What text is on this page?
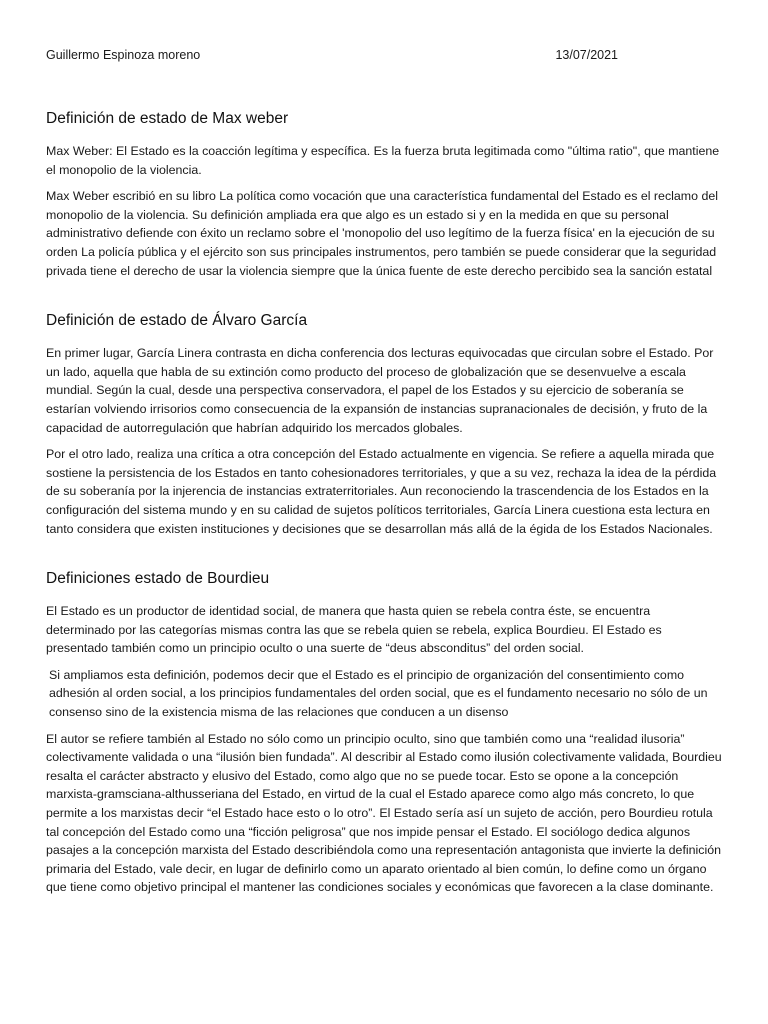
Guillermo Espinoza moreno	13/07/2021
Definición de estado de Max weber

Max Weber: El Estado es la coacción legítima y específica. Es la fuerza bruta legitimada como "última ratio", que mantiene el monopolio de la violencia.

Max Weber escribió en su libro La política como vocación que una característica fundamental del Estado es el reclamo del monopolio de la violencia. Su definición ampliada era que algo es un estado si y en la medida en que su personal administrativo defiende con éxito un reclamo sobre el 'monopolio del uso legítimo de la fuerza física' en la ejecución de su orden La policía pública y el ejército son sus principales instrumentos, pero también se puede considerar que la seguridad privada tiene el derecho de usar la violencia siempre que la única fuente de este derecho percibido sea la sanción estatal

Definición de estado de Álvaro García

En primer lugar, García Linera contrasta en dicha conferencia dos lecturas equivocadas que circulan sobre el Estado. Por un lado, aquella que habla de su extinción como producto del proceso de globalización que se desenvuelve a escala mundial. Según la cual, desde una perspectiva conservadora, el papel de los Estados y su ejercicio de soberanía se estarían volviendo irrisorios como consecuencia de la expansión de instancias supranacionales de decisión, y fruto de la capacidad de autorregulación que habrían adquirido los mercados globales.

Por el otro lado, realiza una crítica a otra concepción del Estado actualmente en vigencia. Se refiere a aquella mirada que sostiene la persistencia de los Estados en tanto cohesionadores territoriales, y que a su vez, rechaza la idea de la pérdida de su soberanía por la injerencia de instancias extraterritoriales. Aun reconociendo la trascendencia de los Estados en la configuración del sistema mundo y en su calidad de sujetos políticos territoriales, García Linera cuestiona esta lectura en tanto considera que existen instituciones y decisiones que se desarrollan más allá de la égida de los Estados Nacionales.

Definiciones estado de Bourdieu

El Estado es un productor de identidad social, de manera que hasta quien se rebela contra éste, se encuentra determinado por las categorías mismas contra las que se rebela quien se rebela, explica Bourdieu. El Estado es presentado también como un principio oculto o una suerte de “deus absconditus” del orden social.

Si ampliamos esta definición, podemos decir que el Estado es el principio de organización del consentimiento como adhesión al orden social, a los principios fundamentales del orden social, que es el fundamento necesario no sólo de un consenso sino de la existencia misma de las relaciones que conducen a un disenso

El autor se refiere también al Estado no sólo como un principio oculto, sino que también como una “realidad ilusoria” colectivamente validada o una “ilusión bien fundada”. Al describir al Estado como ilusión colectivamente validada, Bourdieu resalta el carácter abstracto y elusivo del Estado, como algo que no se puede tocar. Esto se opone a la concepción marxista-gramsciana-althusseriana del Estado, en virtud de la cual el Estado aparece como algo más concreto, lo que permite a los marxistas decir “el Estado hace esto o lo otro”. El Estado sería así un sujeto de acción, pero Bourdieu rotula tal concepción del Estado como una “ficción peligrosa” que nos impide pensar el Estado. El sociólogo dedica algunos pasajes a la concepción marxista del Estado describiéndola como una representación antagonista que invierte la definición primaria del Estado, vale decir, en lugar de definirlo como un aparato orientado al bien común, lo define como un órgano que tiene como objetivo principal el mantener las condiciones sociales y económicas que favorecen a la clase dominante.
